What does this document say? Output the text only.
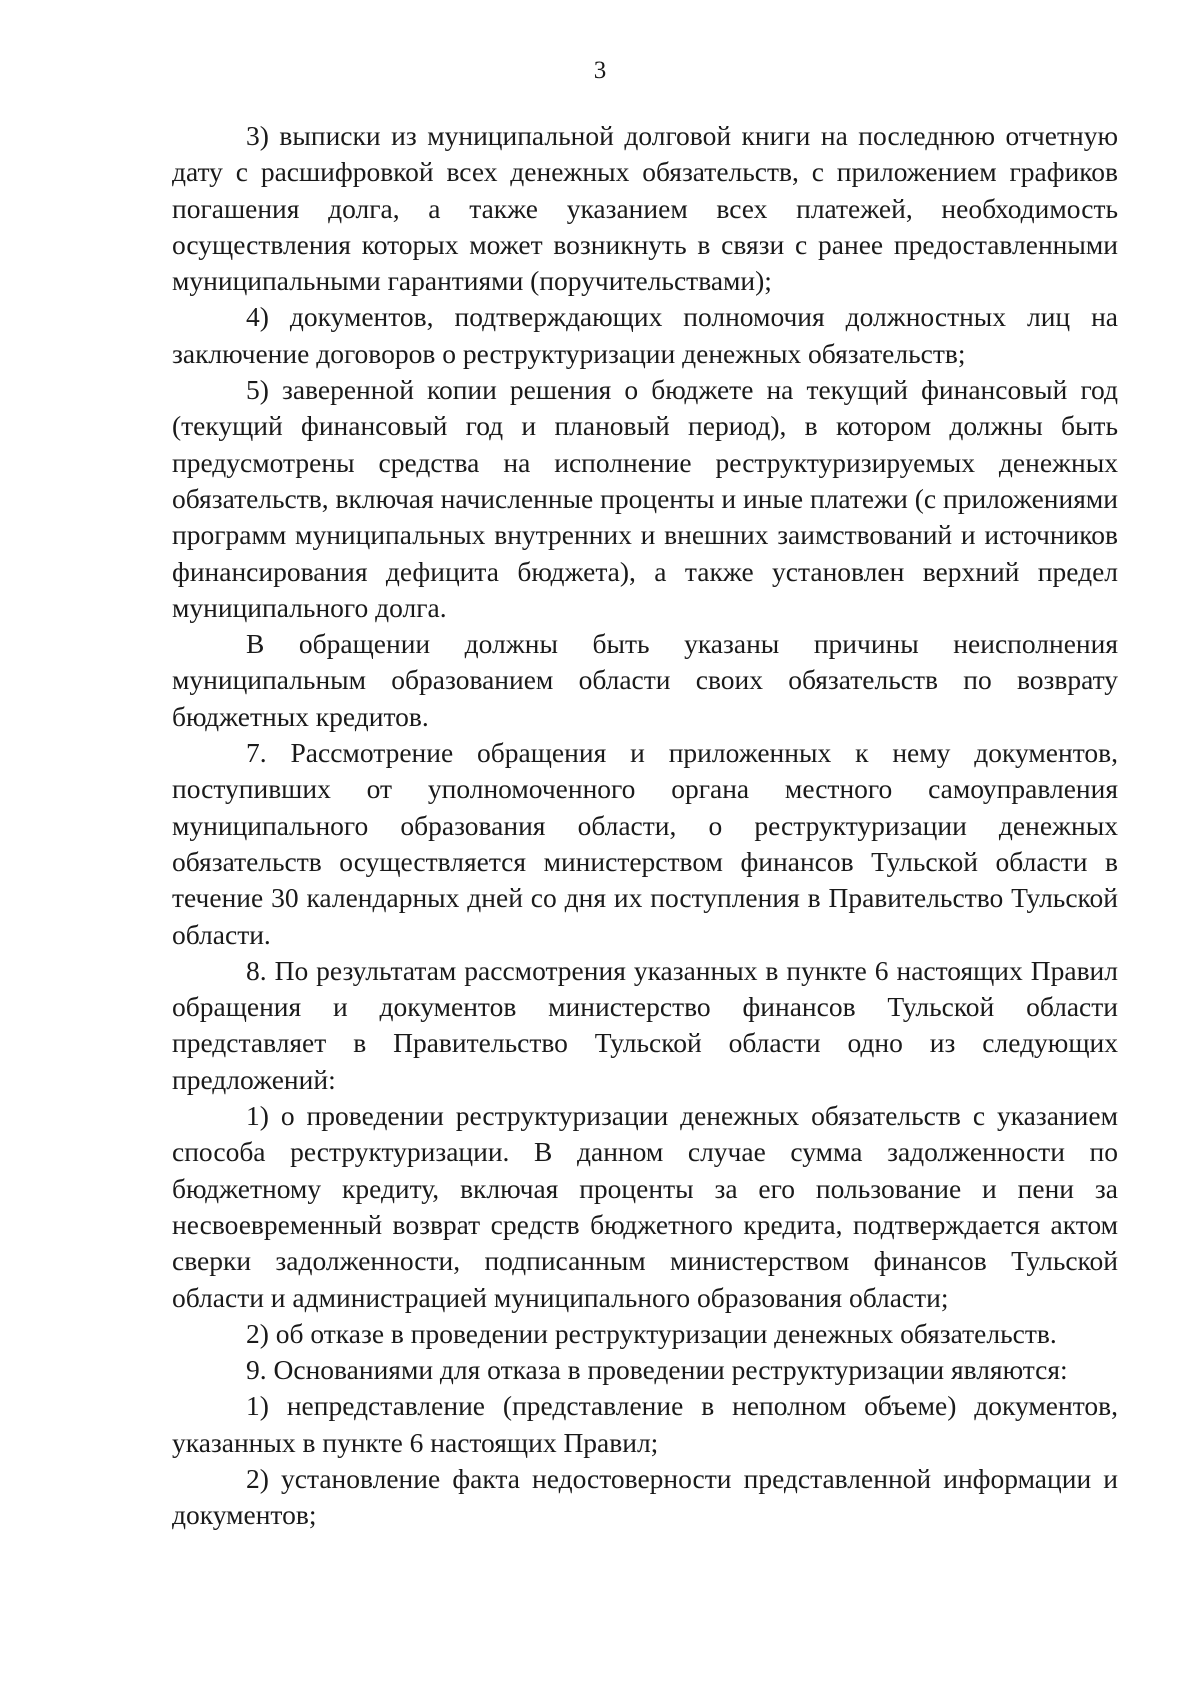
3

3) выписки из муниципальной долговой книги на последнюю отчетную дату с расшифровкой всех денежных обязательств, с приложением графиков погашения долга, а также указанием всех платежей, необходимость осуществления которых может возникнуть в связи с ранее предоставленными муниципальными гарантиями (поручительствами);

4) документов, подтверждающих полномочия должностных лиц на заключение договоров о реструктуризации денежных обязательств;

5) заверенной копии решения о бюджете на текущий финансовый год (текущий финансовый год и плановый период), в котором должны быть предусмотрены средства на исполнение реструктуризируемых денежных обязательств, включая начисленные проценты и иные платежи (с приложениями программ муниципальных внутренних и внешних заимствований и источников финансирования дефицита бюджета), а также установлен верхний предел муниципального долга.

В обращении должны быть указаны причины неисполнения муниципальным образованием области своих обязательств по возврату бюджетных кредитов.

7. Рассмотрение обращения и приложенных к нему документов, поступивших от уполномоченного органа местного самоуправления муниципального образования области, о реструктуризации денежных обязательств осуществляется министерством финансов Тульской области в течение 30 календарных дней со дня их поступления в Правительство Тульской области.

8. По результатам рассмотрения указанных в пункте 6 настоящих Правил обращения и документов министерство финансов Тульской области представляет в Правительство Тульской области одно из следующих предложений:

1) о проведении реструктуризации денежных обязательств с указанием способа реструктуризации. В данном случае сумма задолженности по бюджетному кредиту, включая проценты за его пользование и пени за несвоевременный возврат средств бюджетного кредита, подтверждается актом сверки задолженности, подписанным министерством финансов Тульской области и администрацией муниципального образования области;

2) об отказе в проведении реструктуризации денежных обязательств.

9. Основаниями для отказа в проведении реструктуризации являются:

1) непредставление (представление в неполном объеме) документов, указанных в пункте 6 настоящих Правил;

2) установление факта недостоверности представленной информации и документов;
